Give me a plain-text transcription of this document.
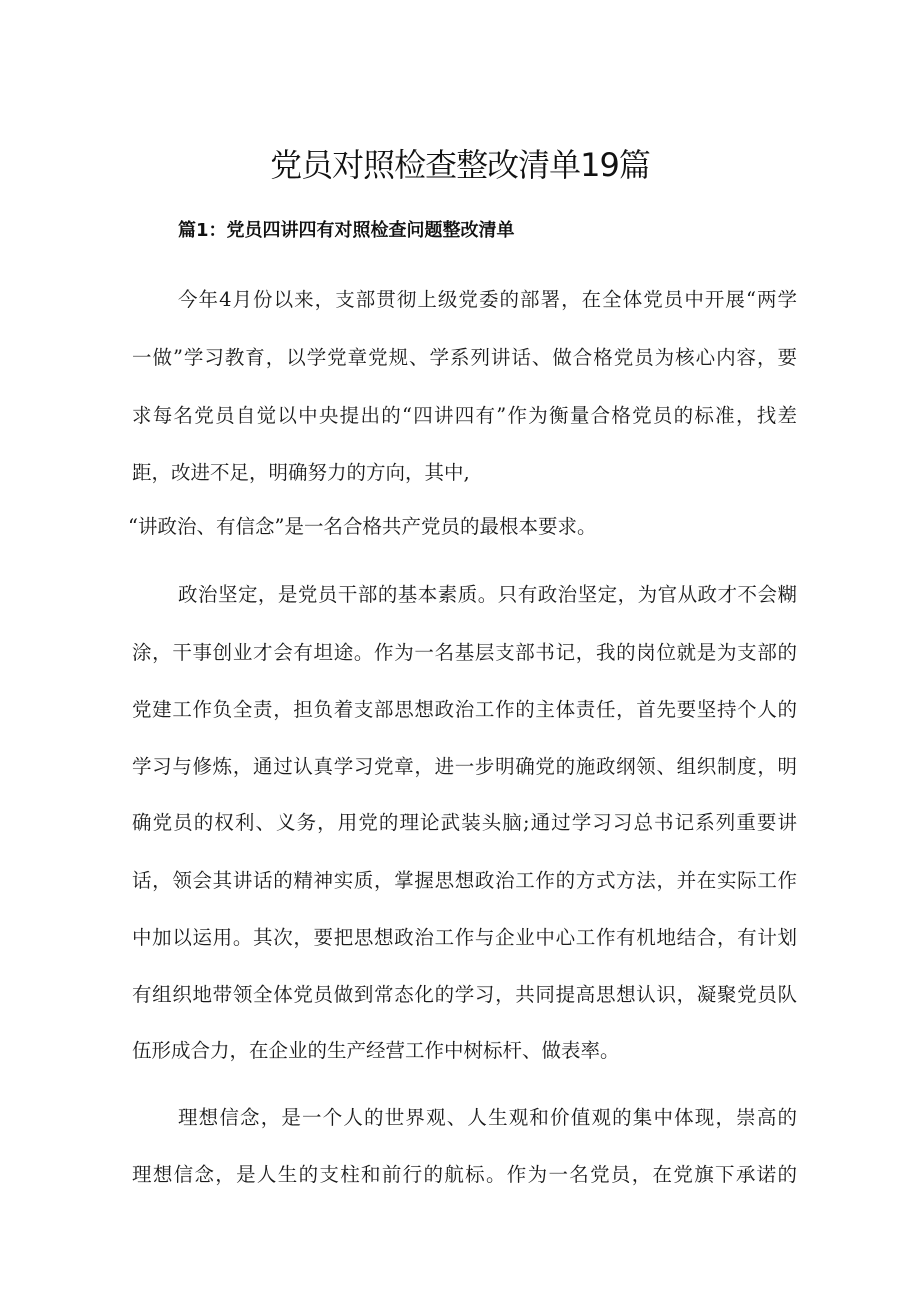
党员对照检查整改清单19篇
篇1：党员四讲四有对照检查问题整改清单
今年4月份以来，支部贯彻上级党委的部署，在全体党员中开展“两学
一做”学习教育，以学党章党规、学系列讲话、做合格党员为核心内容，要
求每名党员自觉以中央提出的“四讲四有”作为衡量合格党员的标准，找差
距，改进不足，明确努力的方向，其中,
“讲政治、有信念”是一名合格共产党员的最根本要求。
政治坚定，是党员干部的基本素质。只有政治坚定，为官从政才不会糊
涂，干事创业才会有坦途。作为一名基层支部书记，我的岗位就是为支部的
党建工作负全责，担负着支部思想政治工作的主体责任，首先要坚持个人的
学习与修炼，通过认真学习党章，进一步明确党的施政纲领、组织制度，明
确党员的权利、义务，用党的理论武装头脑;通过学习习总书记系列重要讲
话，领会其讲话的精神实质，掌握思想政治工作的方式方法，并在实际工作
中加以运用。其次，要把思想政治工作与企业中心工作有机地结合，有计划
有组织地带领全体党员做到常态化的学习，共同提高思想认识，凝聚党员队
伍形成合力，在企业的生产经营工作中树标杆、做表率。
理想信念，是一个人的世界观、人生观和价值观的集中体现，崇高的
理想信念，是人生的支柱和前行的航标。作为一名党员，在党旗下承诺的
